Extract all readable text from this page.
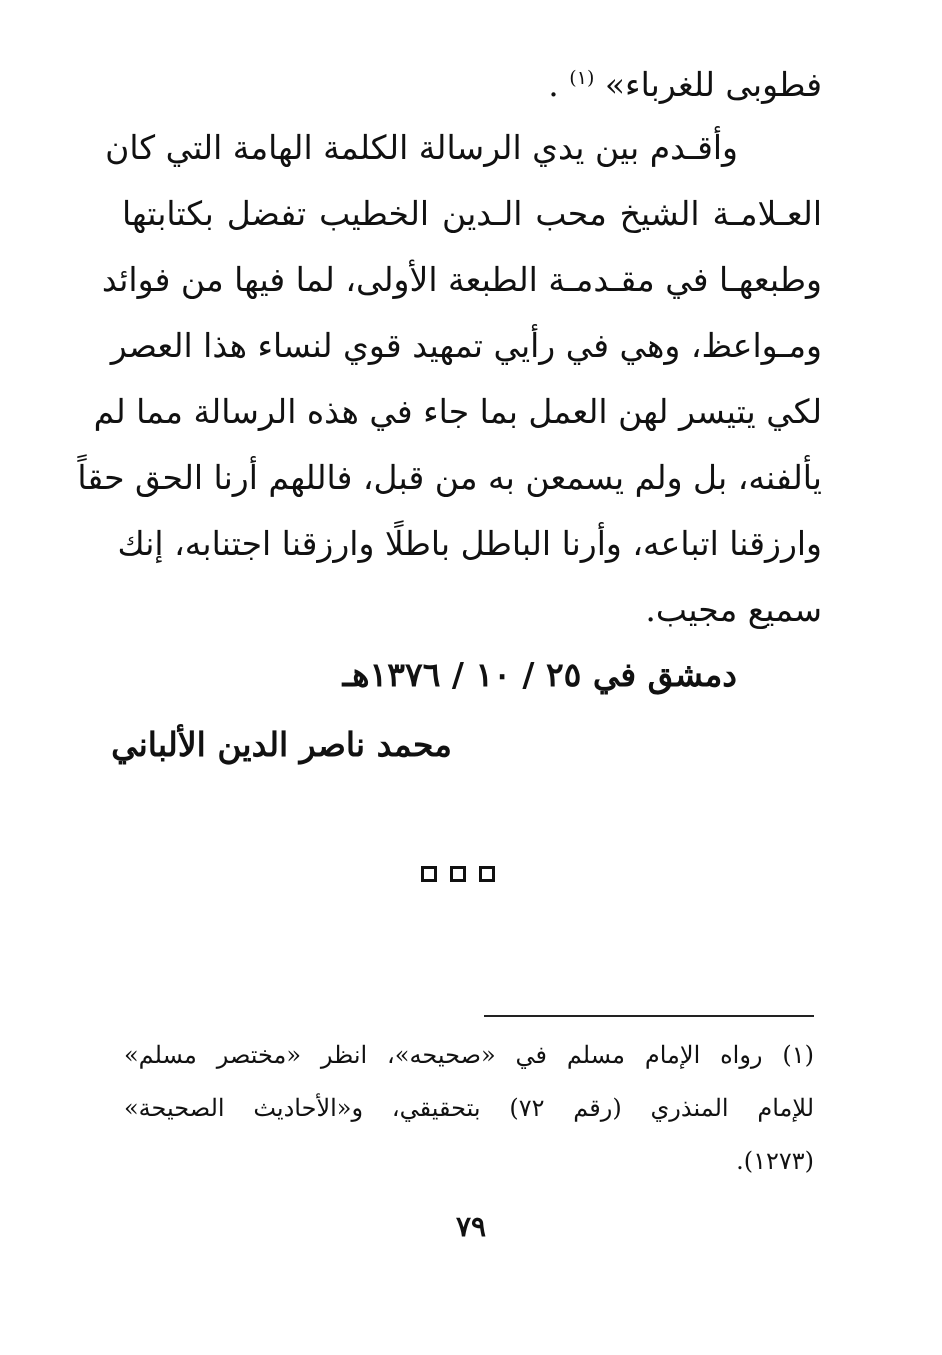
فطوبى للغرباء» $^{(١)}$ .
وأقـدم بين يدي الرسالة الكلمة الهامة التي كان
العـلامـة الشيخ محب الـدين الخطيب تفضل بكتابتها
وطبعهـا في مقـدمـة الطبعة الأولى، لما فيها من فوائد
ومـواعظ، وهي في رأيي تمهيد قوي لنساء هذا العصر
لكي يتيسر لهن العمل بما جاء في هذه الرسالة مما لم
يألفنه، بل ولم يسمعن به من قبل، فاللهم أرنا الحق حقاً
وارزقنا اتباعه، وأرنا الباطل باطلًا وارزقنا اجتنابه، إنك
سميع مجيب.
دمشق في ٢٥ / ١٠ / ١٣٧٦هـ
محمد ناصر الدين الألباني
(١) رواه الإمام مسلم في «صحيحه»، انظر «مختصر مسلم»
للإمام المنذري (رقم ٧٢) بتحقيقي، و«الأحاديث الصحيحة»
(١٢٧٣).
٧٩
